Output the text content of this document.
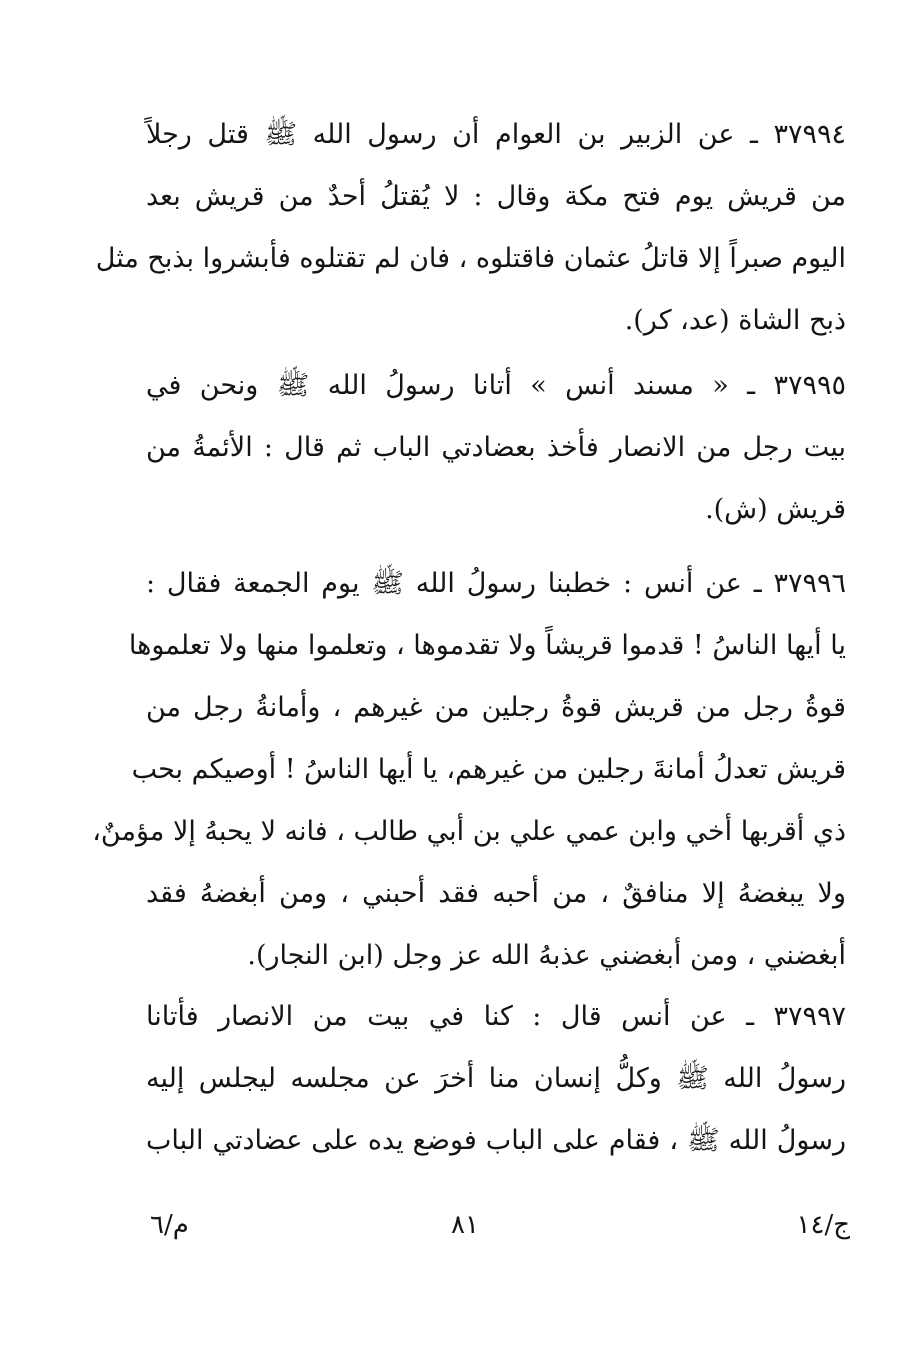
٣٧٩٩٤ ـ عن الزبير بن العوام أن رسول الله ﷺ قتل رجلاً
من قريش يوم فتح مكة وقال : لا يُقتلُ أحدٌ من قريش بعد
اليوم صبراً إلا قاتلُ عثمان فاقتلوه ، فان لم تقتلوه فأبشروا بذبح مثل
ذبح الشاة (عد، كر).
٣٧٩٩٥ ـ « مسند أنس » أتانا رسولُ الله ﷺ ونحن في
بيت رجل من الانصار فأخذ بعضادتي الباب ثم قال : الأئمةُ من
قريش (ش).
٣٧٩٩٦ ـ عن أنس : خطبنا رسولُ الله ﷺ يوم الجمعة فقال :
يا أيها الناسُ ! قدموا قريشاً ولا تقدموها ، وتعلموا منها ولا تعلموها
قوةُ رجل من قريش قوةُ رجلين من غيرهم ، وأمانةُ رجل من
قريش تعدلُ أمانةَ رجلين من غيرهم، يا أيها الناسُ ! أوصيكم بحب
ذي أقربها أخي وابن عمي علي بن أبي طالب ، فانه لا يحبهُ إلا مؤمنٌ،
ولا يبغضهُ إلا منافقٌ ، من أحبه فقد أحبني ، ومن أبغضهُ فقد
أبغضني ، ومن أبغضني عذبهُ الله عز وجل (ابن النجار).
٣٧٩٩٧ ـ عن أنس قال : كنا في بيت من الانصار فأتانا
رسولُ الله ﷺ وكلُّ إنسان منا أخرَ عن مجلسه ليجلس إليه
رسولُ الله ﷺ ، فقام على الباب فوضع يده على عضادتي الباب
ج/١٤
٨١
م/٦
